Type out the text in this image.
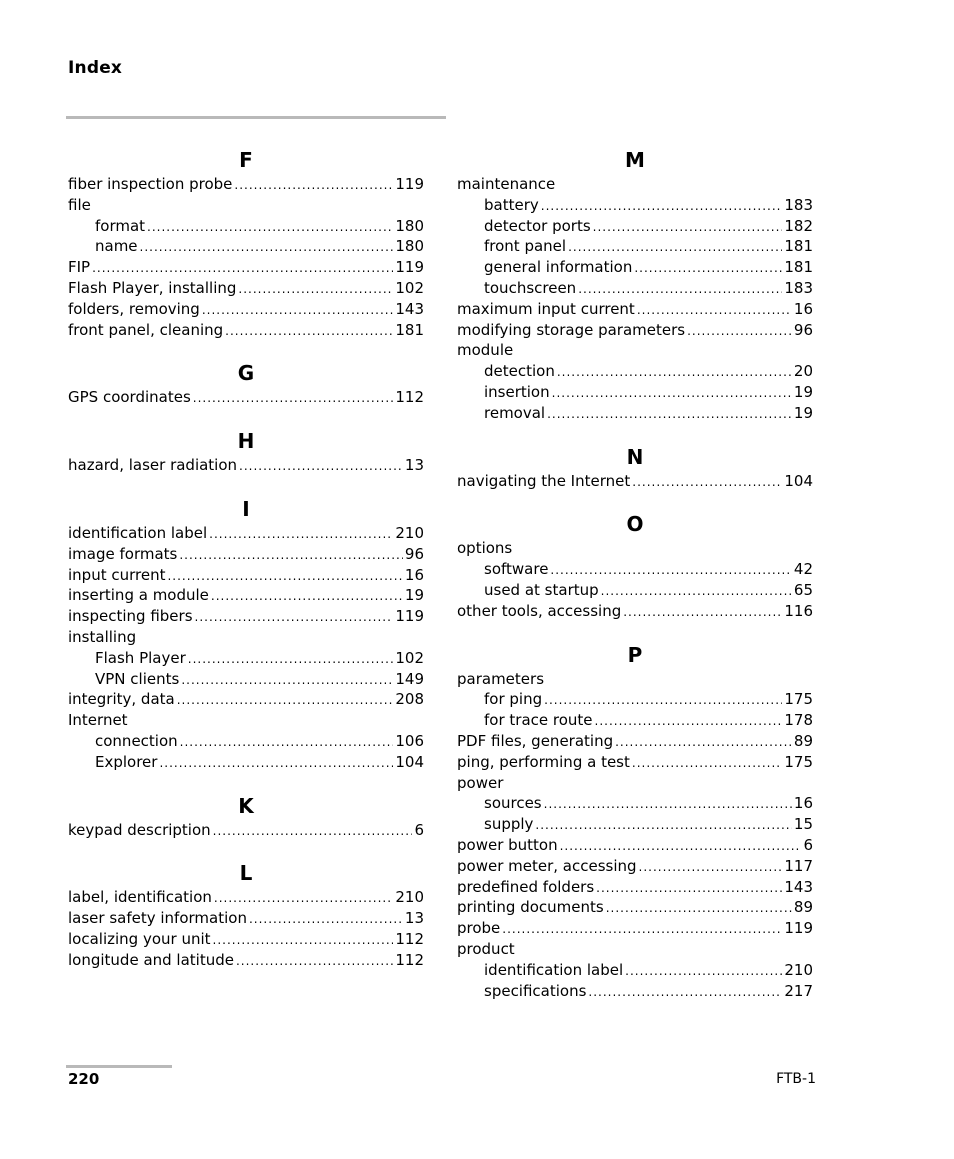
Index
F
fiber inspection probe .....	119
file
format .....	180
name .....	180
FIP .....	119
Flash Player, installing .....	102
folders, removing .....	143
front panel, cleaning .....	181
G
GPS coordinates .....	112
H
hazard, laser radiation .....	13
I
identification label .....	210
image formats .....	96
input current .....	16
inserting a module .....	19
inspecting fibers .....	119
installing
Flash Player .....	102
VPN clients .....	149
integrity, data .....	208
Internet
connection .....	106
Explorer .....	104
K
keypad description .....	6
L
label, identification .....	210
laser safety information .....	13
localizing your unit .....	112
longitude and latitude .....	112
M
maintenance
battery .....	183
detector ports .....	182
front panel .....	181
general information .....	181
touchscreen .....	183
maximum input current .....	16
modifying storage parameters .....	96
module
detection .....	20
insertion .....	19
removal .....	19
N
navigating the Internet .....	104
O
options
software .....	42
used at startup .....	65
other tools, accessing .....	116
P
parameters
for ping .....	175
for trace route .....	178
PDF files, generating .....	89
ping, performing a test .....	175
power
sources .....	16
supply .....	15
power button .....	6
power meter, accessing .....	117
predefined folders .....	143
printing documents .....	89
probe .....	119
product
identification label .....	210
specifications .....	217
220	FTB-1
